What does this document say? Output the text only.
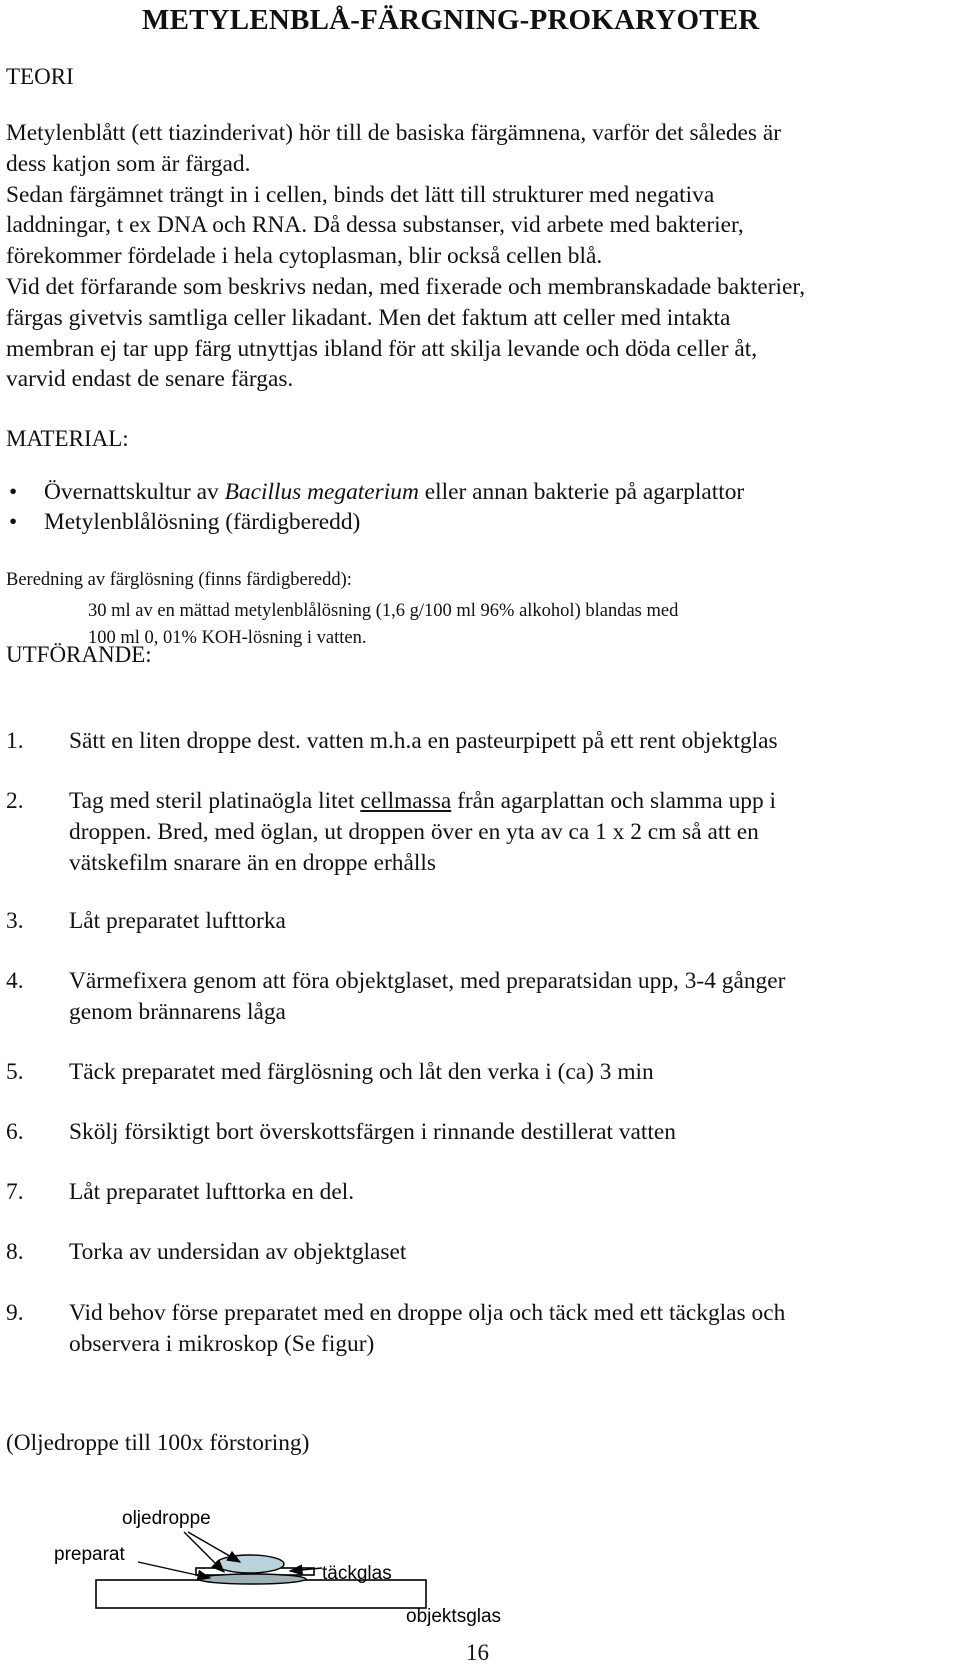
METYLENBLÅ-FÄRGNING-PROKARYOTER
TEORI

Metylenblått (ett tiazinderivat) hör till de basiska färgämnena, varför det således är

dess katjon som är färgad.

Sedan färgämnet trängt in i cellen, binds det lätt till strukturer med negativa

laddningar, t ex DNA och RNA. Då dessa substanser, vid arbete med bakterier,

förekommer fördelade i hela cytoplasman, blir också cellen blå.

Vid det förfarande som beskrivs nedan, med fixerade och membranskadade bakterier,

färgas givetvis samtliga celler likadant. Men det faktum att celler med intakta

membran ej tar upp färg utnyttjas ibland för att skilja levande och döda celler åt,

varvid endast de senare färgas.

MATERIAL:
• Övernattskultur av Bacillus megaterium eller annan bakterie på agarplattor
• Metylenblålösning (färdigberedd)
Beredning av färglösning (finns färdigberedd):
30 ml av en mättad metylenblålösning (1,6 g/100 ml 96% alkohol) blandas med
100 ml 0, 01% KOH-lösning i vatten.
UTFÖRANDE:
1. Sätt en liten droppe dest. vatten m.h.a en pasteurpipett på ett rent objektglas
2. Tag med steril platinaögla litet cellmassa från agarplattan och slamma upp i
droppen. Bred, med öglan, ut droppen över en yta av ca 1 x 2 cm så att en
vätskefilm snarare än en droppe erhålls
3. Låt preparatet lufttorka
4. Värmefixera genom att föra objektglaset, med preparatsidan upp, 3-4 gånger
genom brännarens låga
5. Täck preparatet med färglösning och låt den verka i (ca) 3 min
6. Skölj försiktigt bort överskottsfärgen i rinnande destillerat vatten
7. Låt preparatet lufttorka en del.
8. Torka av undersidan av objektglaset
9. Vid behov förse preparatet med en droppe olja och täck med ett täckglas och
observera i mikroskop (Se figur)
(Oljedroppe till 100x förstoring)
oljedroppe
preparat
täckglas
objektsglas
16
